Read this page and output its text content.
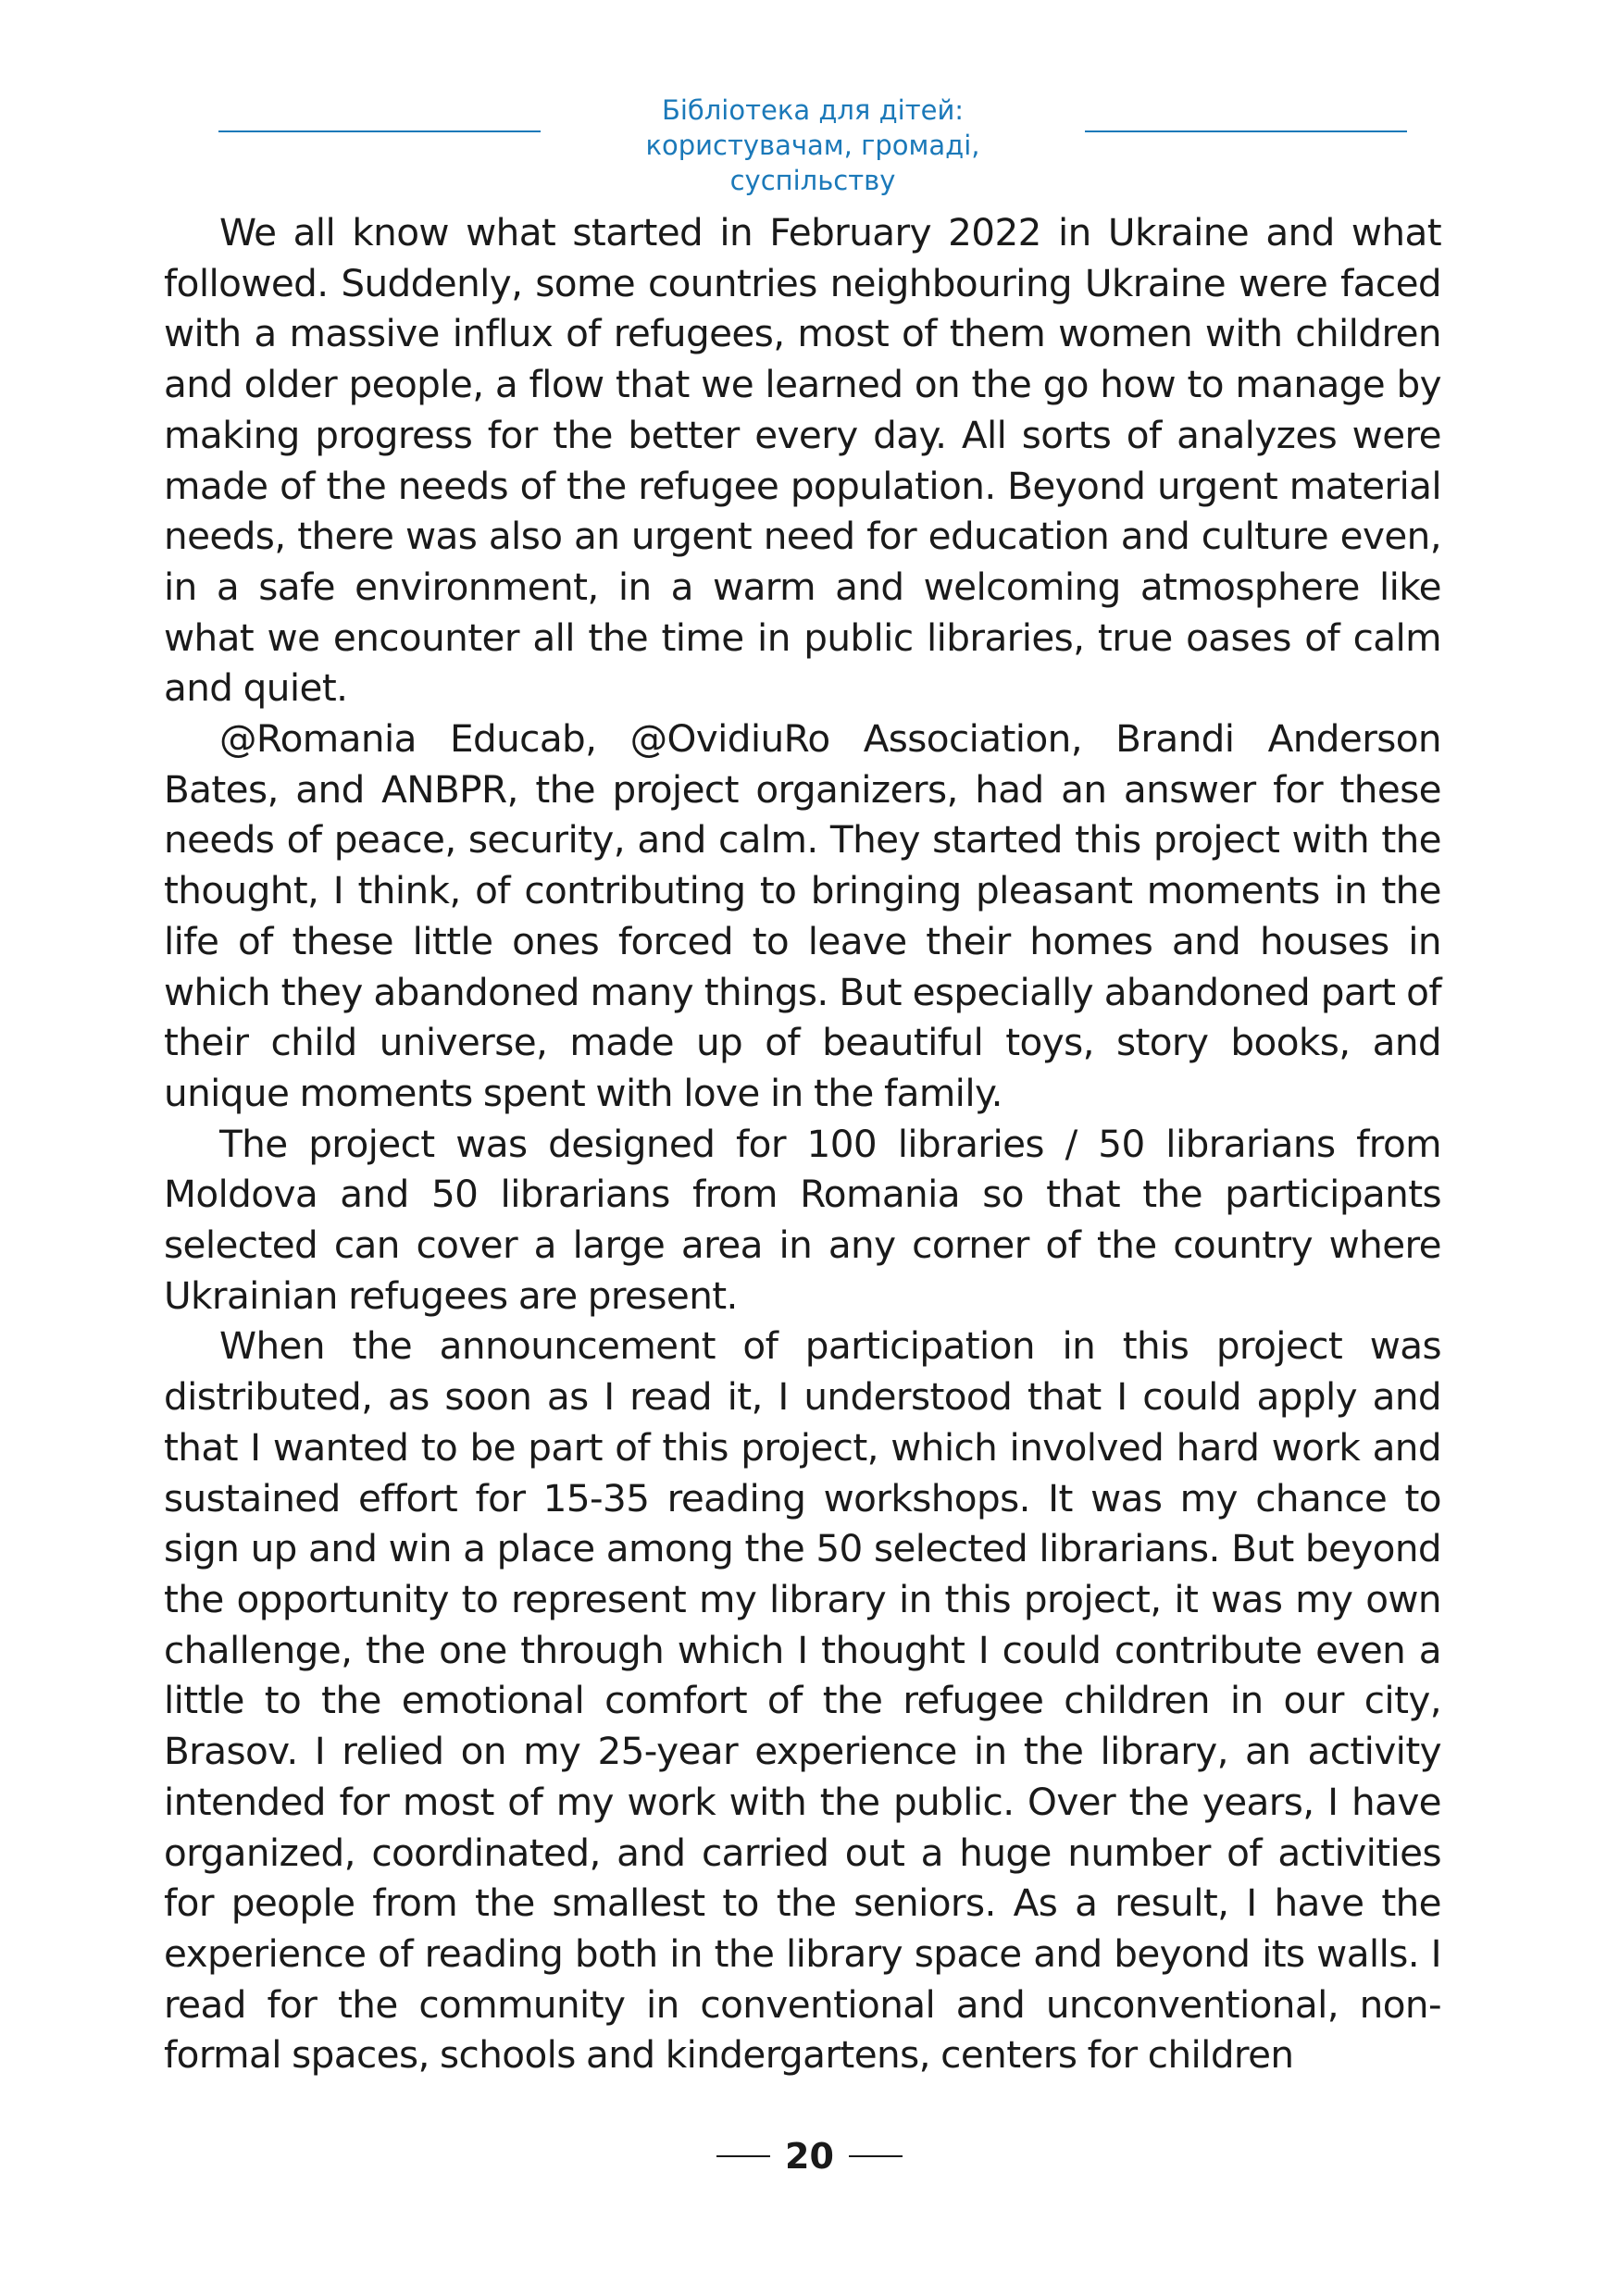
Бібліотека для дітей:
користувачам, громаді, суспільству

We all know what started in February 2022 in Ukraine and what followed. Suddenly, some countries neighbouring Ukraine were faced with a massive influx of refugees, most of them women with children and older people, a flow that we learned on the go how to manage by making progress for the better every day. All sorts of analyzes were made of the needs of the refugee population. Beyond urgent material needs, there was also an urgent need for education and culture even, in a safe environment, in a warm and welcoming atmosphere like what we encounter all the time in public libraries, true oases of calm and quiet.

@Romania Educab, @OvidiuRo Association, Brandi Anderson Bates, and ANBPR, the project organizers, had an answer for these needs of peace, security, and calm. They started this project with the thought, I think, of contributing to bringing pleasant moments in the life of these little ones forced to leave their homes and houses in which they abandoned many things. But especially abandoned part of their child universe, made up of beautiful toys, story books, and unique moments spent with love in the family.

The project was designed for 100 libraries / 50 librarians from Moldova and 50 librarians from Romania so that the participants selected can cover a large area in any corner of the country where Ukrainian refugees are present.

When the announcement of participation in this project was distributed, as soon as I read it, I understood that I could apply and that I wanted to be part of this project, which involved hard work and sustained effort for 15-35 reading workshops. It was my chance to sign up and win a place among the 50 selected librarians. But beyond the opportunity to represent my library in this project, it was my own challenge, the one through which I thought I could contribute even a little to the emotional comfort of the refugee children in our city, Brasov. I relied on my 25-year experience in the library, an activity intended for most of my work with the public. Over the years, I have organized, coordinated, and carried out a huge number of activities for people from the smallest to the seniors. As a result, I have the experience of reading both in the library space and beyond its walls. I read for the community in conventional and unconventional, non-formal spaces, schools and kindergartens, centers for children

20
